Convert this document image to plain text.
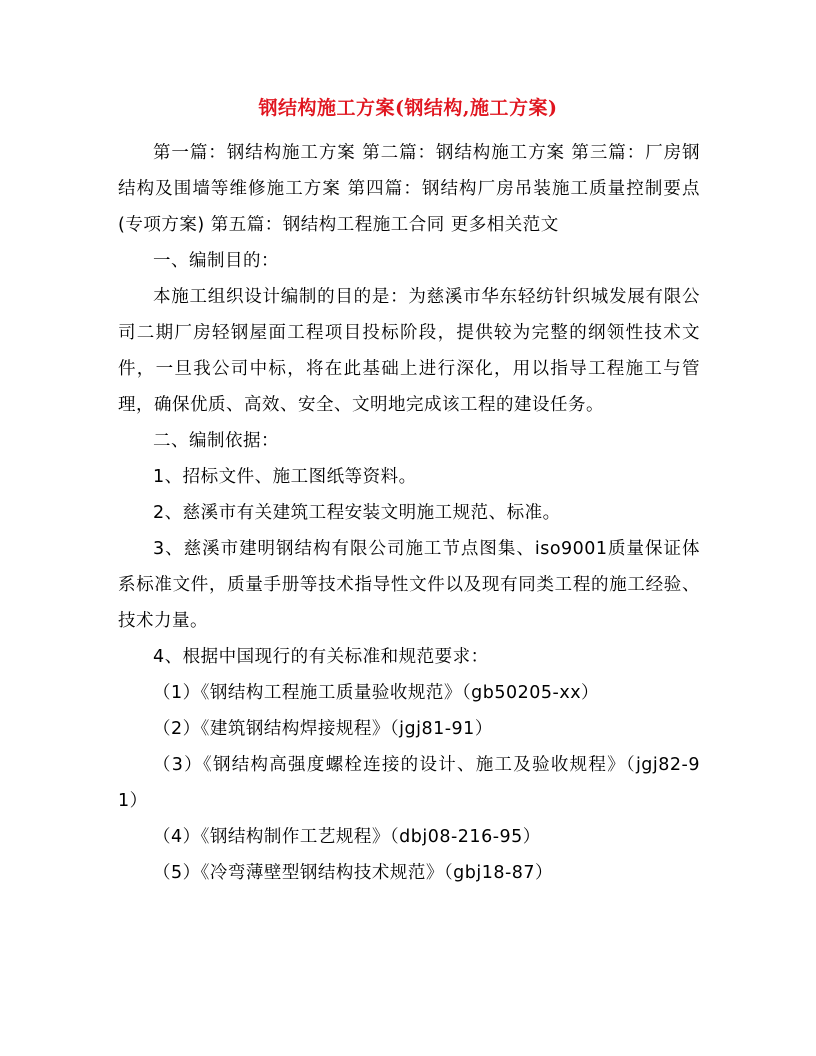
钢结构施工方案(钢结构,施工方案)

第一篇：钢结构施工方案 第二篇：钢结构施工方案 第三篇：厂房钢结构及围墙等维修施工方案 第四篇：钢结构厂房吊装施工质量控制要点(专项方案) 第五篇：钢结构工程施工合同 更多相关范文

一、编制目的：

本施工组织设计编制的目的是：为慈溪市华东轻纺针织城发展有限公司二期厂房轻钢屋面工程项目投标阶段，提供较为完整的纲领性技术文件，一旦我公司中标，将在此基础上进行深化，用以指导工程施工与管理，确保优质、高效、安全、文明地完成该工程的建设任务。

二、编制依据：

1、招标文件、施工图纸等资料。

2、慈溪市有关建筑工程安装文明施工规范、标准。

3、慈溪市建明钢结构有限公司施工节点图集、iso9001质量保证体系标准文件，质量手册等技术指导性文件以及现有同类工程的施工经验、技术力量。

4、根据中国现行的有关标准和规范要求：

（1）《钢结构工程施工质量验收规范》（gb50205-xx）

（2）《建筑钢结构焊接规程》（jgj81-91）

（3）《钢结构高强度螺栓连接的设计、施工及验收规程》（jgj82-91）

（4）《钢结构制作工艺规程》（dbj08-216-95）

（5）《冷弯薄壁型钢结构技术规范》（gbj18-87）
